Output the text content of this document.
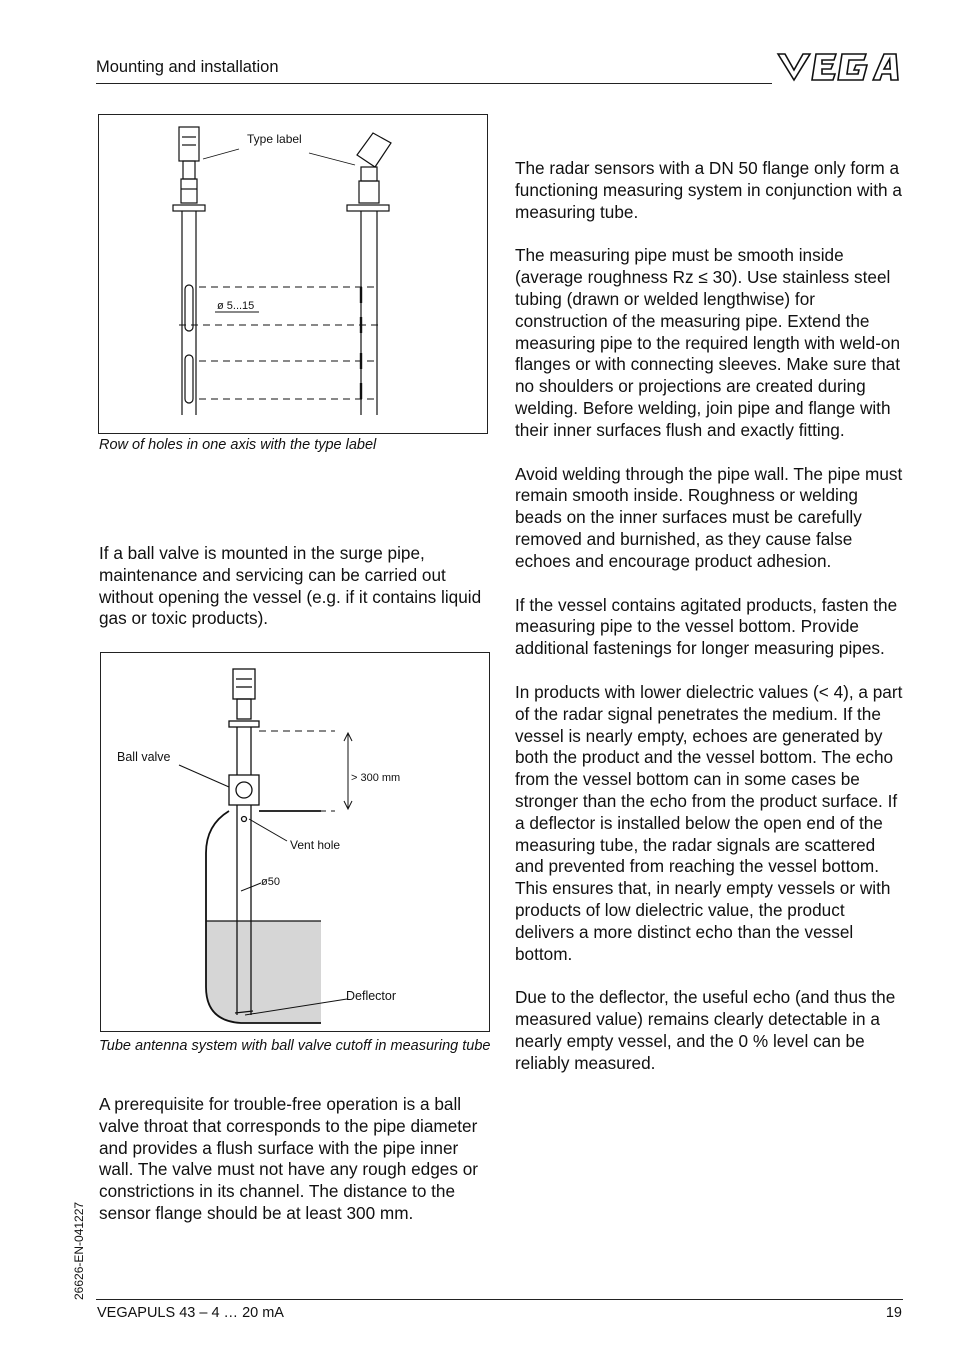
Mounting and installation
Type label
ø 5...15
Row of holes in one axis with the type label

If a ball valve is mounted in the surge pipe, maintenance and servicing can be carried out without opening the vessel (e.g. if it contains liquid gas or toxic products).

Ball valve
> 300 mm
Vent hole
ø50
Deflector
Tube antenna system with ball valve cutoff in measuring tube

A prerequisite for trouble-free operation is a ball valve throat that corresponds to the pipe diameter and provides a flush surface with the pipe inner wall. The valve must not have any rough edges or constrictions in its channel. The distance to the sensor flange should be at least 300 mm.

The radar sensors with a DN 50 flange only form a functioning measuring system in conjunction with a measuring tube.

The measuring pipe must be smooth inside (average roughness Rz ≤ 30). Use stainless steel tubing (drawn or welded lengthwise) for construction of the measuring pipe. Extend the measuring pipe to the required length with weld-on flanges or with connecting sleeves. Make sure that no shoulders or projections are created during welding. Before welding, join pipe and flange with their inner surfaces flush and exactly fitting.

Avoid welding through the pipe wall. The pipe must remain smooth inside. Roughness or welding beads on the inner surfaces must be carefully removed and burnished, as they cause false echoes and encourage product adhesion.

If the vessel contains agitated products, fasten the measuring pipe to the vessel bottom. Provide additional fastenings for longer measuring pipes.

In products with lower dielectric values (< 4), a part of the radar signal penetrates the medium. If the vessel is nearly empty, echoes are generated by both the product and the vessel bottom. The echo from the vessel bottom can in some cases be stronger than the echo from the product surface. If a deflector is installed below the open end of the measuring tube, the radar signals are scattered and prevented from reaching the vessel bottom. This ensures that, in nearly empty vessels or with products of low dielectric value, the product delivers a more distinct echo than the vessel bottom.

Due to the deflector, the useful echo (and thus the measured value) remains clearly detectable in a nearly empty vessel, and the 0 % level can be reliably measured.

26626-EN-041227
VEGAPULS 43 – 4 … 20 mA	19
